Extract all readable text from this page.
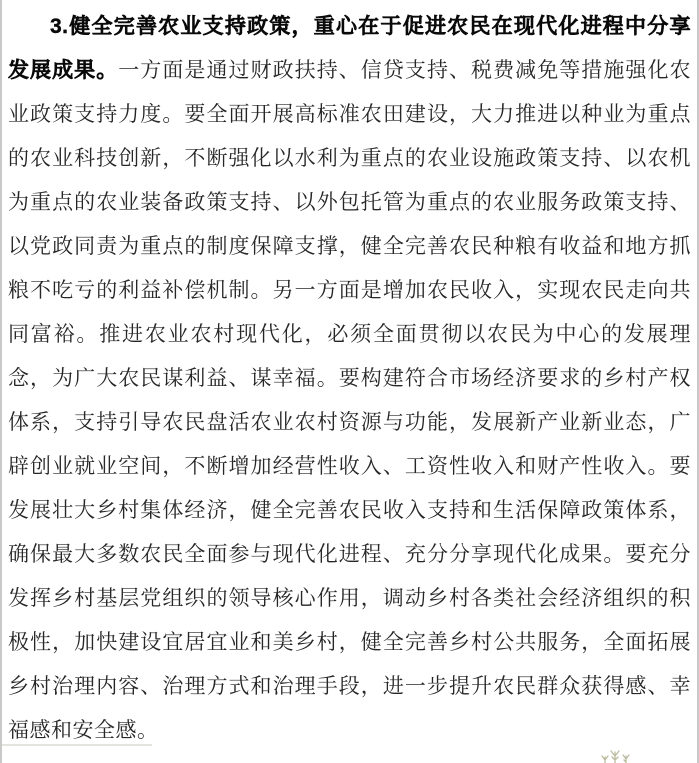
3.健全完善农业支持政策，重心在于促进农民在现代化进程中分享
发展成果。一方面是通过财政扶持、信贷支持、税费减免等措施强化农
业政策支持力度。要全面开展高标准农田建设，大力推进以种业为重点
的农业科技创新，不断强化以水利为重点的农业设施政策支持、以农机
为重点的农业装备政策支持、以外包托管为重点的农业服务政策支持、
以党政同责为重点的制度保障支撑，健全完善农民种粮有收益和地方抓
粮不吃亏的利益补偿机制。另一方面是增加农民收入，实现农民走向共
同富裕。推进农业农村现代化，必须全面贯彻以农民为中心的发展理
念，为广大农民谋利益、谋幸福。要构建符合市场经济要求的乡村产权
体系，支持引导农民盘活农业农村资源与功能，发展新产业新业态，广
辟创业就业空间，不断增加经营性收入、工资性收入和财产性收入。要
发展壮大乡村集体经济，健全完善农民收入支持和生活保障政策体系，
确保最大多数农民全面参与现代化进程、充分分享现代化成果。要充分
发挥乡村基层党组织的领导核心作用，调动乡村各类社会经济组织的积
极性，加快建设宜居宜业和美乡村，健全完善乡村公共服务，全面拓展
乡村治理内容、治理方式和治理手段，进一步提升农民群众获得感、幸
福感和安全感。
